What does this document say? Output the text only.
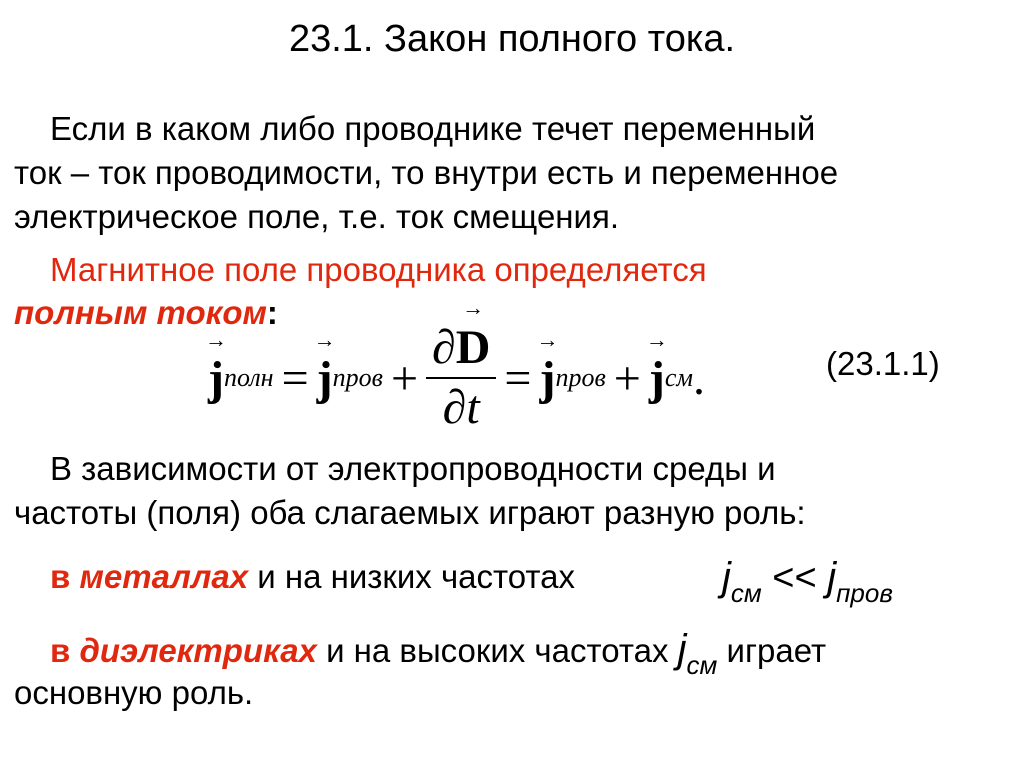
23.1. Закон полного тока.
Если в каком либо проводнике течет переменный
ток – ток проводимости, то внутри есть и переменное
электрическое поле, т.е. ток смещения.
Магнитное поле проводника определяется
полным током:
→
j полн =
→
j пров + ∂
→
D
∂t =
→
j пров +
→
j см .	(23.1.1)
В зависимости от электропроводности среды и
частоты (поля) оба слагаемых играют разную роль:
в металлах и на низких частотах	$j_{см} << j_{пров}$
в диэлектриках и на высоких частотах $j_{см}$ играет
основную роль.
